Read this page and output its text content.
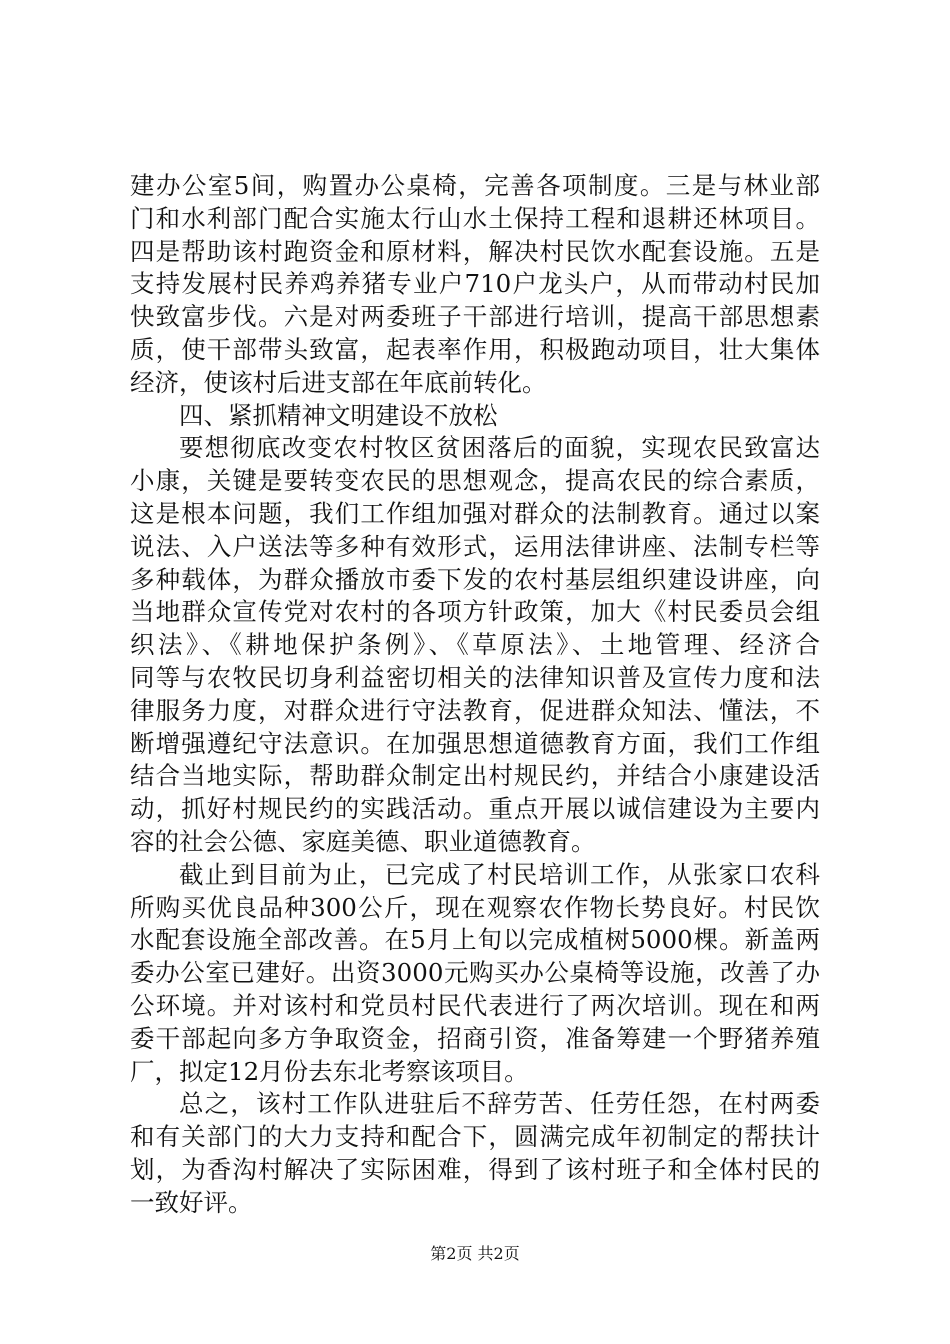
建办公室5间，购置办公桌椅，完善各项制度。三是与林业部
门和水利部门配合实施太行山水土保持工程和退耕还林项目。
四是帮助该村跑资金和原材料，解决村民饮水配套设施。五是
支持发展村民养鸡养猪专业户710户龙头户，从而带动村民加
快致富步伐。六是对两委班子干部进行培训，提高干部思想素
质，使干部带头致富，起表率作用，积极跑动项目，壮大集体
经济，使该村后进支部在年底前转化。
四、紧抓精神文明建设不放松
要想彻底改变农村牧区贫困落后的面貌，实现农民致富达
小康，关键是要转变农民的思想观念，提高农民的综合素质，
这是根本问题，我们工作组加强对群众的法制教育。通过以案
说法、入户送法等多种有效形式，运用法律讲座、法制专栏等
多种载体，为群众播放市委下发的农村基层组织建设讲座，向
当地群众宣传党对农村的各项方针政策，加大《村民委员会组
织法》、《耕地保护条例》、《草原法》、土地管理、经济合
同等与农牧民切身利益密切相关的法律知识普及宣传力度和法
律服务力度，对群众进行守法教育，促进群众知法、懂法，不
断增强遵纪守法意识。在加强思想道德教育方面，我们工作组
结合当地实际，帮助群众制定出村规民约，并结合小康建设活
动，抓好村规民约的实践活动。重点开展以诚信建设为主要内
容的社会公德、家庭美德、职业道德教育。
截止到目前为止，已完成了村民培训工作，从张家口农科
所购买优良品种300公斤，现在观察农作物长势良好。村民饮
水配套设施全部改善。在5月上旬以完成植树5000棵。新盖两
委办公室已建好。出资3000元购买办公桌椅等设施，改善了办
公环境。并对该村和党员村民代表进行了两次培训。现在和两
委干部起向多方争取资金，招商引资，准备筹建一个野猪养殖
厂，拟定12月份去东北考察该项目。
总之，该村工作队进驻后不辞劳苦、任劳任怨，在村两委
和有关部门的大力支持和配合下，圆满完成年初制定的帮扶计
划，为香沟村解决了实际困难，得到了该村班子和全体村民的
一致好评。
第2页 共2页
